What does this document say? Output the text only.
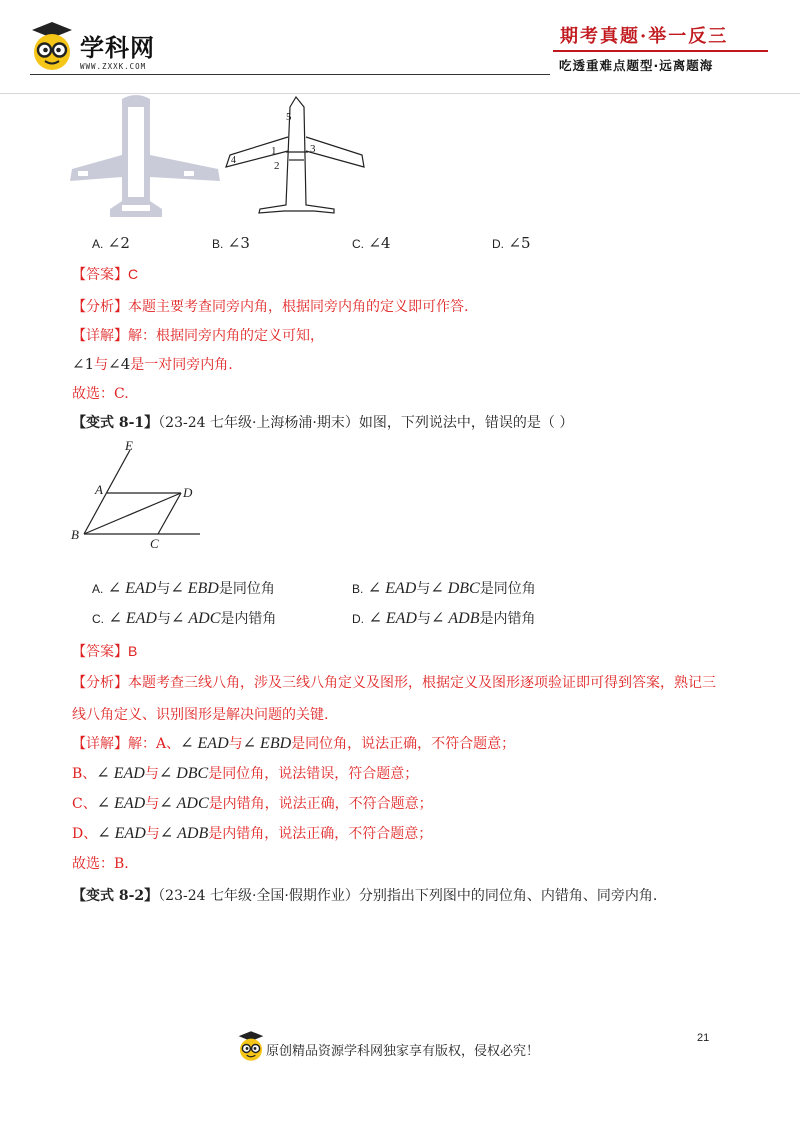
学科网
WWW.ZXXK.COM
期考真题·举一反三
吃透重难点题型·远离题海
1
2
3
4
5
A. ∠2	B. ∠3	C. ∠4	D. ∠5
【答案】C
【分析】本题主要考查同旁内角，根据同旁内角的定义即可作答.
【详解】解：根据同旁内角的定义可知，
∠1与∠4是一对同旁内角.
故选：C.
【变式 8-1】（23-24 七年级·上海杨浦·期末）如图，下列说法中，错误的是（ ）
E
A	D
B
C
A. ∠ EAD与∠ EBD是同位角	B. ∠ EAD与∠ DBC是同位角
C. ∠ EAD与∠ ADC是内错角	D. ∠ EAD与∠ ADB是内错角
【答案】B
【分析】本题考查三线八角，涉及三线八角定义及图形，根据定义及图形逐项验证即可得到答案，熟记三
线八角定义、识别图形是解决问题的关键.
【详解】解：A、∠ EAD与∠ EBD是同位角，说法正确，不符合题意；
B、∠ EAD与∠ DBC是同位角，说法错误，符合题意；
C、∠ EAD与∠ ADC是内错角，说法正确，不符合题意；
D、∠ EAD与∠ ADB是内错角，说法正确，不符合题意；
故选：B.
【变式 8-2】（23-24 七年级·全国·假期作业）分别指出下列图中的同位角、内错角、同旁内角.
21
原创精品资源学科网独家享有版权，侵权必究！
